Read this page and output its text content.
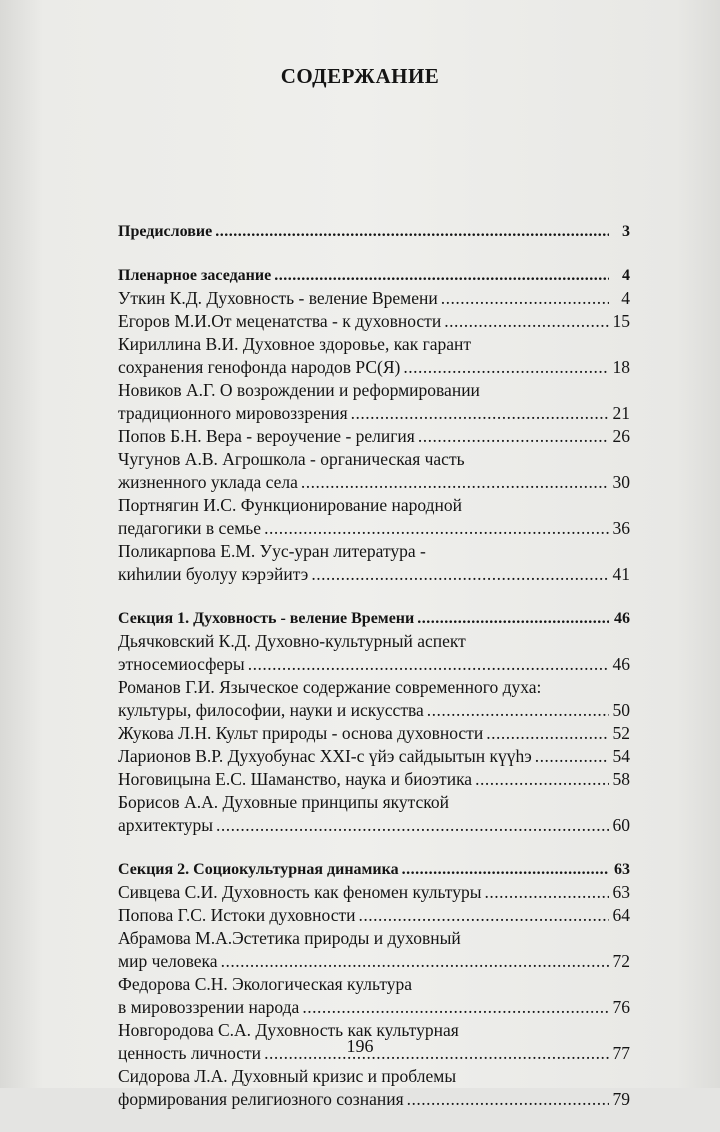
СОДЕРЖАНИЕ
Предисловие .....	3
Пленарное заседание .....	4
Уткин К.Д. Духовность - веление Времени .....	4
Егоров М.И.От меценатства - к духовности .....	15
Кириллина В.И. Духовное здоровье, как гарант
сохранения генофонда народов РС(Я) .....	18
Новиков А.Г. О возрождении и реформировании
традиционного мировоззрения .....	21
Попов Б.Н. Вера - вероучение - религия .....	26
Чугунов А.В. Агрошкола - органическая часть
жизненного уклада села .....	30
Портнягин И.С. Функционирование народной
педагогики в семье .....	36
Поликарпова Е.М. Уус-уран литература -
киһилии буолуу кэрэйитэ .....	41
Секция 1. Духовность - веление Времени .....	46
Дьячковский К.Д. Духовно-культурный аспект
этносемиосферы .....	46
Романов Г.И. Языческое содержание современного духа:
культуры, философии, науки и искусства .....	50
Жукова Л.Н. Культ природы - основа духовности .....	52
Ларионов В.Р. Духуобунас XXI-с үйэ сайдыытын күүһэ .....	54
Ноговицына Е.С. Шаманство, наука и биоэтика .....	58
Борисов А.А. Духовные принципы якутской
архитектуры .....	60
Секция 2. Социокультурная динамика .....	63
Сивцева С.И. Духовность как феномен культуры .....	63
Попова Г.С. Истоки духовности .....	64
Абрамова М.А.Эстетика природы и духовный
мир человека .....	72
Федорова С.Н. Экологическая культура
в мировоззрении народа .....	76
Новгородова С.А. Духовность как культурная
ценность личности .....	77
Сидорова Л.А. Духовный кризис и проблемы
формирования религиозного сознания .....	79
196
